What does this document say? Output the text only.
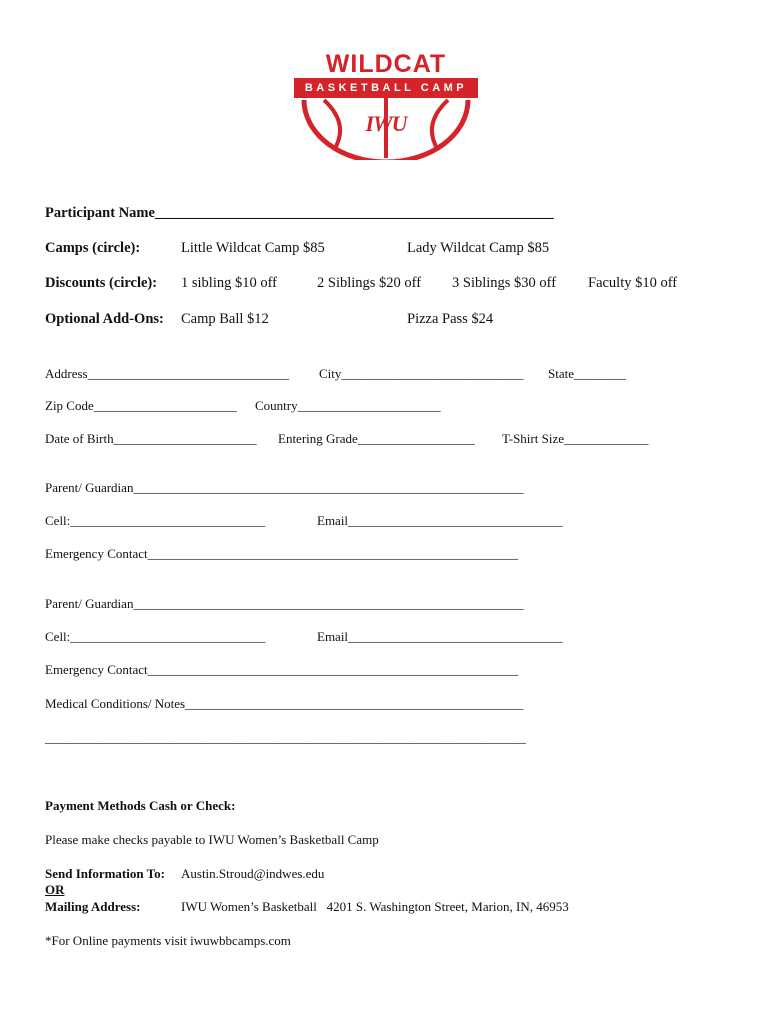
WILDCAT
BASKETBALL CAMP
IWU
Participant Name_______________________________________________________
Camps (circle):	Little Wildcat Camp $85	Lady Wildcat Camp $85
Discounts (circle): 1 sibling $10 off	2 Siblings $20 off 3 Siblings $30 off Faculty $10 off
Optional Add-Ons: Camp Ball $12	Pizza Pass $24
Address_______________________________ City____________________________ State________
Zip Code______________________ Country______________________
Date of Birth______________________ Entering Grade__________________ T-Shirt Size_____________
Parent/ Guardian____________________________________________________________
Cell:______________________________	Email_________________________________
Emergency Contact_________________________________________________________
Parent/ Guardian____________________________________________________________
Cell:______________________________	Email_________________________________
Emergency Contact_________________________________________________________
Medical Conditions/ Notes____________________________________________________
__________________________________________________________________________
Payment Methods Cash or Check:
Please make checks payable to IWU Women’s Basketball Camp
Send Information To: Austin.Stroud@indwes.edu
OR
Mailing Address:	IWU Women’s Basketball   4201 S. Washington Street, Marion, IN, 46953
*For Online payments visit iwuwbbcamps.com
